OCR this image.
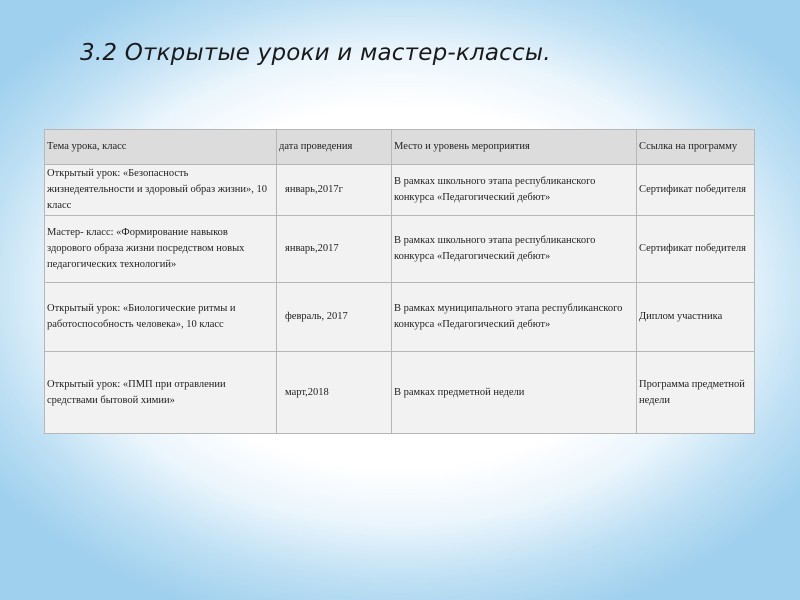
3.2 Открытые уроки и мастер-классы.
Тема урока, класс	дата проведения	Место и уровень мероприятия	Ссылка на программу
Открытый урок: «Безопасность жизнедеятельности и здоровый образ жизни», 10 класс	январь,2017г	В рамках школьного этапа республиканского конкурса «Педагогический дебют»	Сертификат победителя
Мастер- класс: «Формирование навыков здорового образа жизни посредством новых педагогических технологий»	январь,2017	В рамках школьного этапа республиканского конкурса «Педагогический дебют»	Сертификат победителя
Открытый урок: «Биологические ритмы и работоспособность человека», 10 класс	февраль, 2017	В рамках муниципального этапа республиканского конкурса «Педагогический дебют»	Диплом участника
Открытый урок: «ПМП при отравлении средствами бытовой химии»	март,2018	В рамках предметной недели	Программа предметной недели
